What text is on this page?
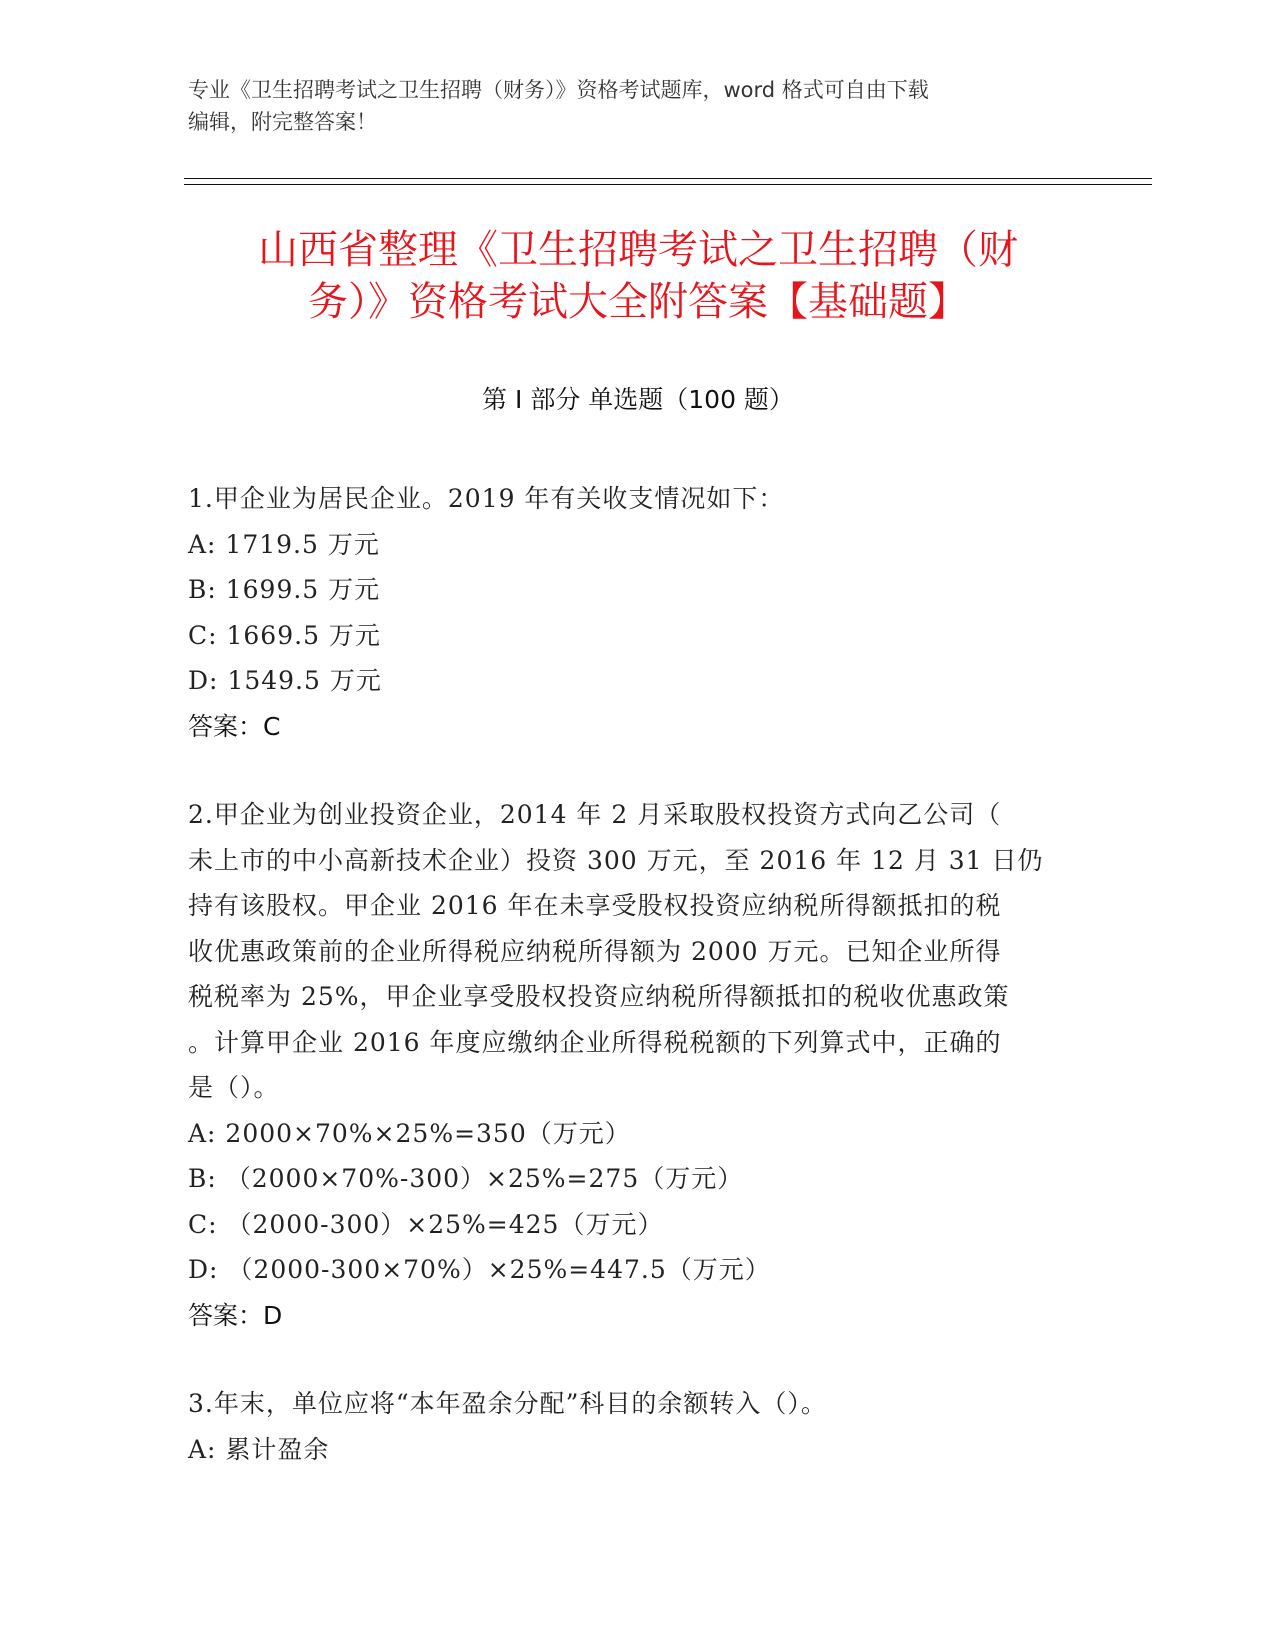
专业《卫生招聘考试之卫生招聘（财务）》资格考试题库，word 格式可自由下载
编辑，附完整答案！
山西省整理《卫生招聘考试之卫生招聘（财
务）》资格考试大全附答案【基础题】
第 I 部分 单选题（100 题）
1.甲企业为居民企业。2019 年有关收支情况如下：
A: 1719.5 万元
B: 1699.5 万元
C: 1669.5 万元
D: 1549.5 万元
答案：C
2.甲企业为创业投资企业，2014 年 2 月采取股权投资方式向乙公司（
未上市的中小高新技术企业）投资 300 万元，至 2016 年 12 月 31 日仍
持有该股权。甲企业 2016 年在未享受股权投资应纳税所得额抵扣的税
收优惠政策前的企业所得税应纳税所得额为 2000 万元。已知企业所得
税税率为 25%，甲企业享受股权投资应纳税所得额抵扣的税收优惠政策
。计算甲企业 2016 年度应缴纳企业所得税税额的下列算式中，正确的
是（）。
A: 2000×70%×25%=350（万元）
B: （2000×70%-300）×25%=275（万元）
C: （2000-300）×25%=425（万元）
D: （2000-300×70%）×25%=447.5（万元）
答案：D
3.年末，单位应将“本年盈余分配”科目的余额转入（）。
A: 累计盈余
